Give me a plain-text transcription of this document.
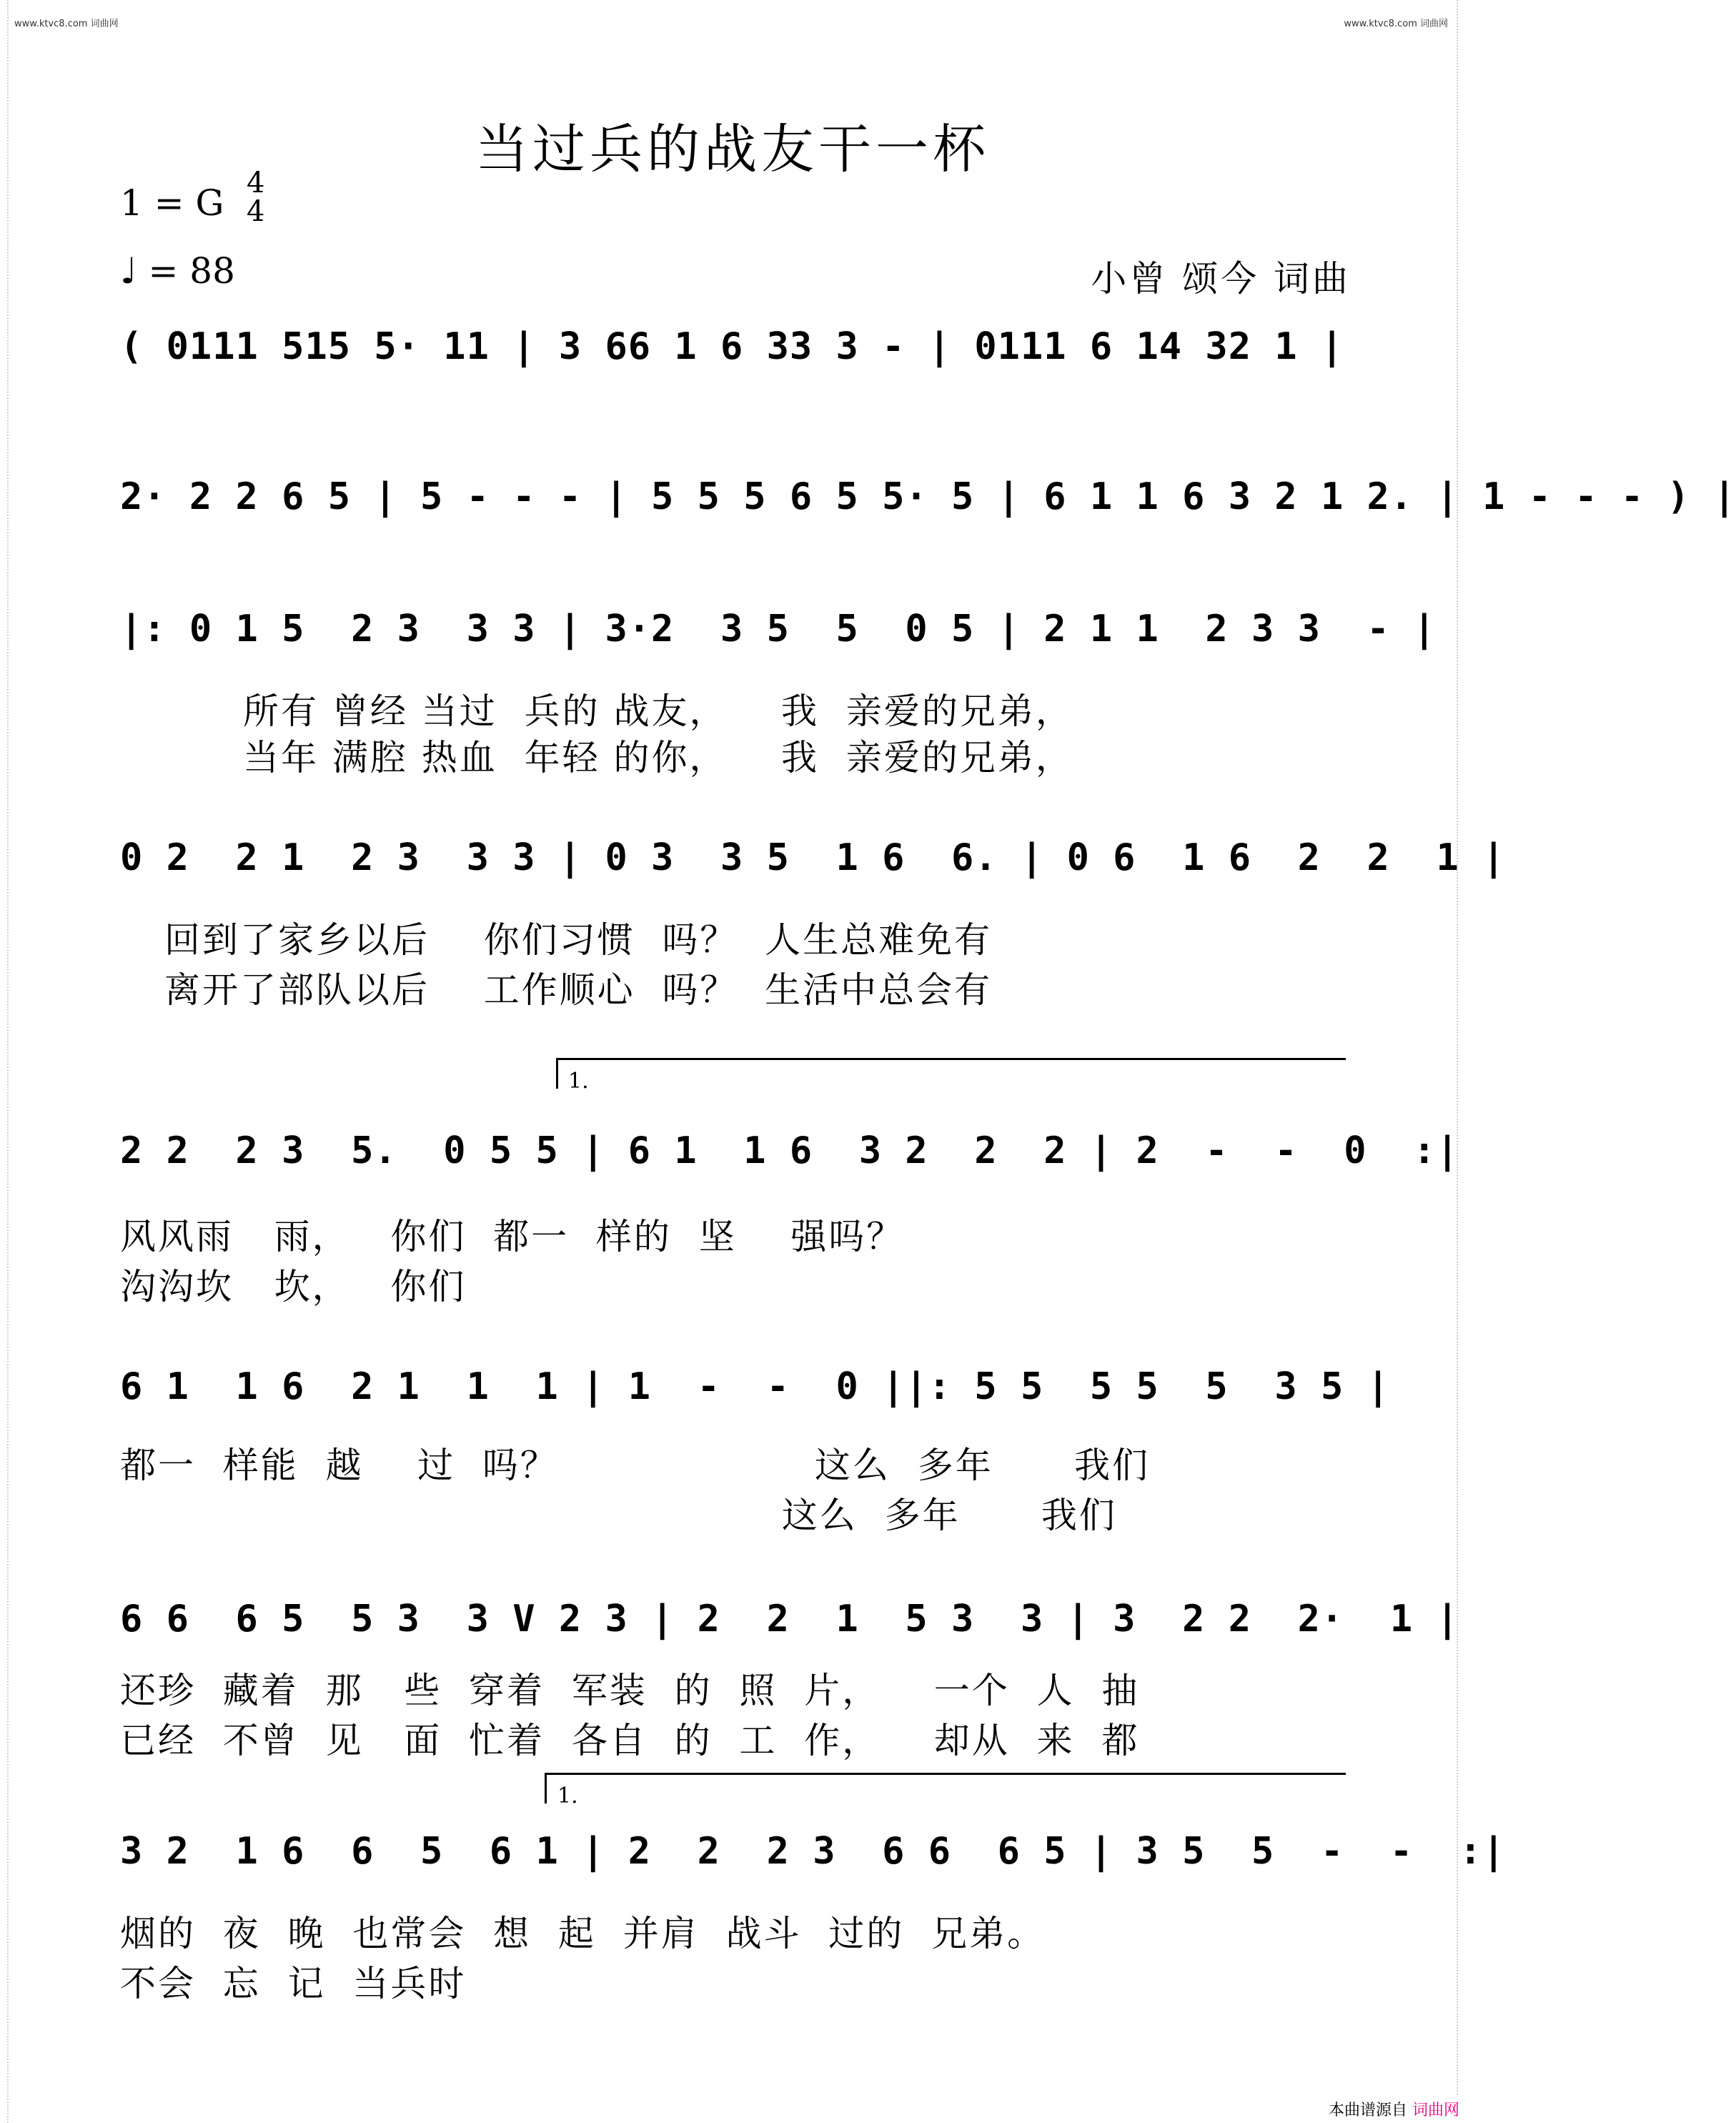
www.ktvc8.com 词曲网	www.ktvc8.com 词曲网
当过兵的战友干一杯
1 = G 4
4
♩ = 88	小曾 颂今 词曲
( 0111 515 5· 11 | 3 66 1 6 33 3 - | 0111 6 14 32 1 |
2· 2 2 6 5 | 5 - - - | 5 5 5 6 5 5· 5 | 6 1 1 6 3 2 1 2. | 1 - - - ) |
|: 0 1 5  2 3  3 3 | 3·2  3 5  5  0 5 | 2 1 1  2 3 3  - |
所有 曾经 当过  兵的 战友，    我  亲爱的兄弟，
当年 满腔 热血  年轻 的你，    我  亲爱的兄弟，
0 2  2 1  2 3  3 3 | 0 3  3 5  1 6  6. | 0 6  1 6  2  2  1 |
回到了家乡以后    你们习惯  吗？  人生总难免有
离开了部队以后    工作顺心  吗？  生活中总会有
1.
2 2  2 3  5.  0 5 5 | 6 1  1 6  3 2  2  2 | 2  -  -  0  :|
风风雨   雨，   你们  都一  样的  坚    强吗？
沟沟坎   坎，   你们
6 1  1 6  2 1  1  1 | 1  -  -  0 ||: 5 5  5 5  5  3 5 |
都一  样能  越    过  吗？                   这么  多年      我们
这么  多年      我们
6 6  6 5  5 3  3 V 2 3 | 2  2  1  5 3  3 | 3  2 2  2·  1 |
还珍  藏着  那   些  穿着  军装  的  照  片，    一个  人  抽
已经  不曾  见   面  忙着  各自  的  工  作，    却从  来  都
1.
3 2  1 6  6  5  6 1 | 2  2  2 3  6 6  6 5 | 3 5  5  -  -  :|
烟的  夜  晚  也常会  想  起  并肩  战斗  过的  兄弟。
不会  忘  记  当兵时
本曲谱源自 词曲网
